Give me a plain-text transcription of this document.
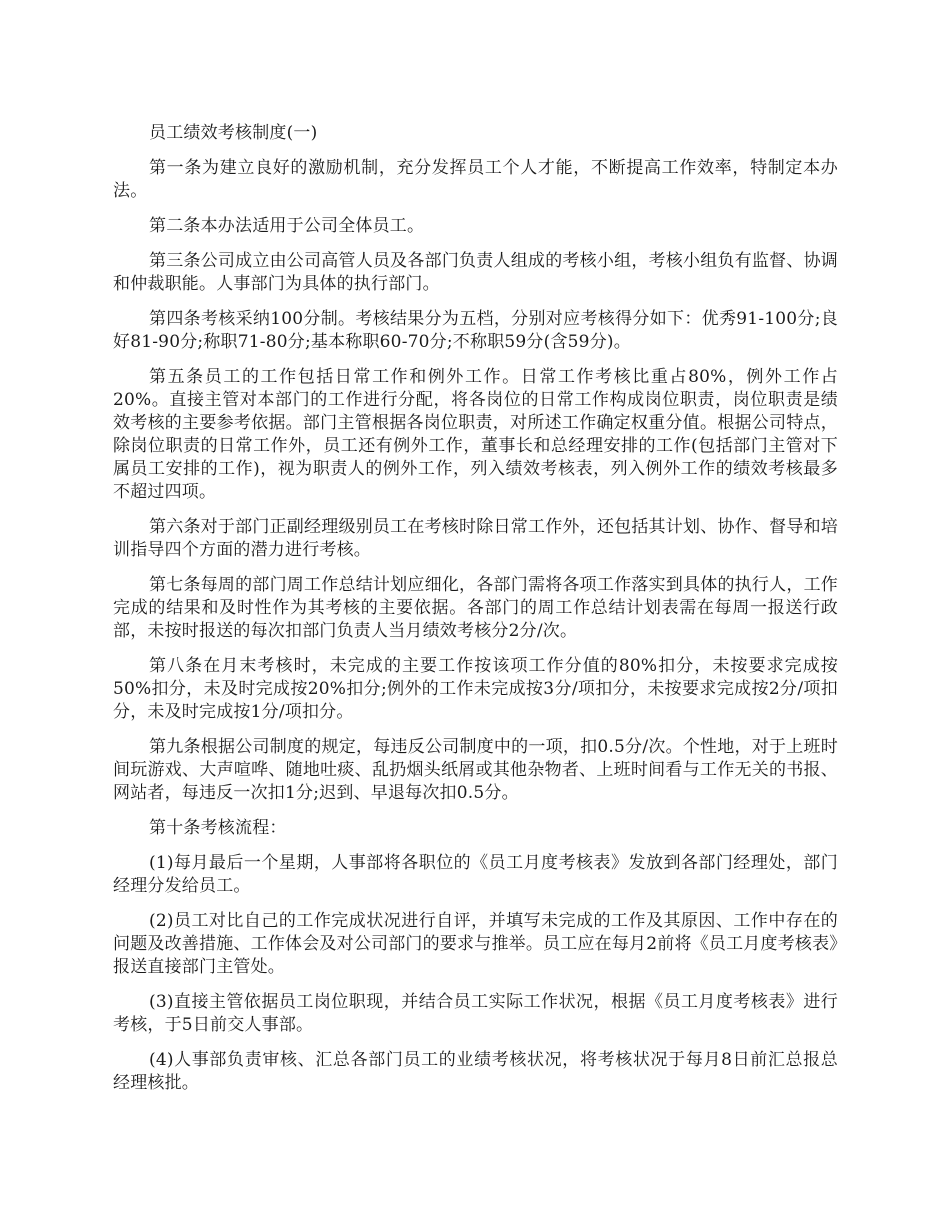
员工绩效考核制度(一)

第一条为建立良好的激励机制，充分发挥员工个人才能，不断提高工作效率，特制定本办法。

第二条本办法适用于公司全体员工。

第三条公司成立由公司高管人员及各部门负责人组成的考核小组，考核小组负有监督、协调和仲裁职能。人事部门为具体的执行部门。

第四条考核采纳100分制。考核结果分为五档，分别对应考核得分如下：优秀91-100分;良好81-90分;称职71-80分;基本称职60-70分;不称职59分(含59分)。

第五条员工的工作包括日常工作和例外工作。日常工作考核比重占80%，例外工作占20%。直接主管对本部门的工作进行分配，将各岗位的日常工作构成岗位职责，岗位职责是绩效考核的主要参考依据。部门主管根据各岗位职责，对所述工作确定权重分值。根据公司特点，除岗位职责的日常工作外，员工还有例外工作，董事长和总经理安排的工作(包括部门主管对下属员工安排的工作)，视为职责人的例外工作，列入绩效考核表，列入例外工作的绩效考核最多不超过四项。

第六条对于部门正副经理级别员工在考核时除日常工作外，还包括其计划、协作、督导和培训指导四个方面的潜力进行考核。

第七条每周的部门周工作总结计划应细化，各部门需将各项工作落实到具体的执行人，工作完成的结果和及时性作为其考核的主要依据。各部门的周工作总结计划表需在每周一报送行政部，未按时报送的每次扣部门负责人当月绩效考核分2分/次。

第八条在月末考核时，未完成的主要工作按该项工作分值的80%扣分，未按要求完成按50%扣分，未及时完成按20%扣分;例外的工作未完成按3分/项扣分，未按要求完成按2分/项扣分，未及时完成按1分/项扣分。

第九条根据公司制度的规定，每违反公司制度中的一项，扣0.5分/次。个性地，对于上班时间玩游戏、大声喧哗、随地吐痰、乱扔烟头纸屑或其他杂物者、上班时间看与工作无关的书报、网站者，每违反一次扣1分;迟到、早退每次扣0.5分。

第十条考核流程：

(1)每月最后一个星期，人事部将各职位的《员工月度考核表》发放到各部门经理处，部门经理分发给员工。

(2)员工对比自己的工作完成状况进行自评，并填写未完成的工作及其原因、工作中存在的问题及改善措施、工作体会及对公司部门的要求与推举。员工应在每月2前将《员工月度考核表》报送直接部门主管处。

(3)直接主管依据员工岗位职现，并结合员工实际工作状况，根据《员工月度考核表》进行考核，于5日前交人事部。

(4)人事部负责审核、汇总各部门员工的业绩考核状况，将考核状况于每月8日前汇总报总经理核批。
